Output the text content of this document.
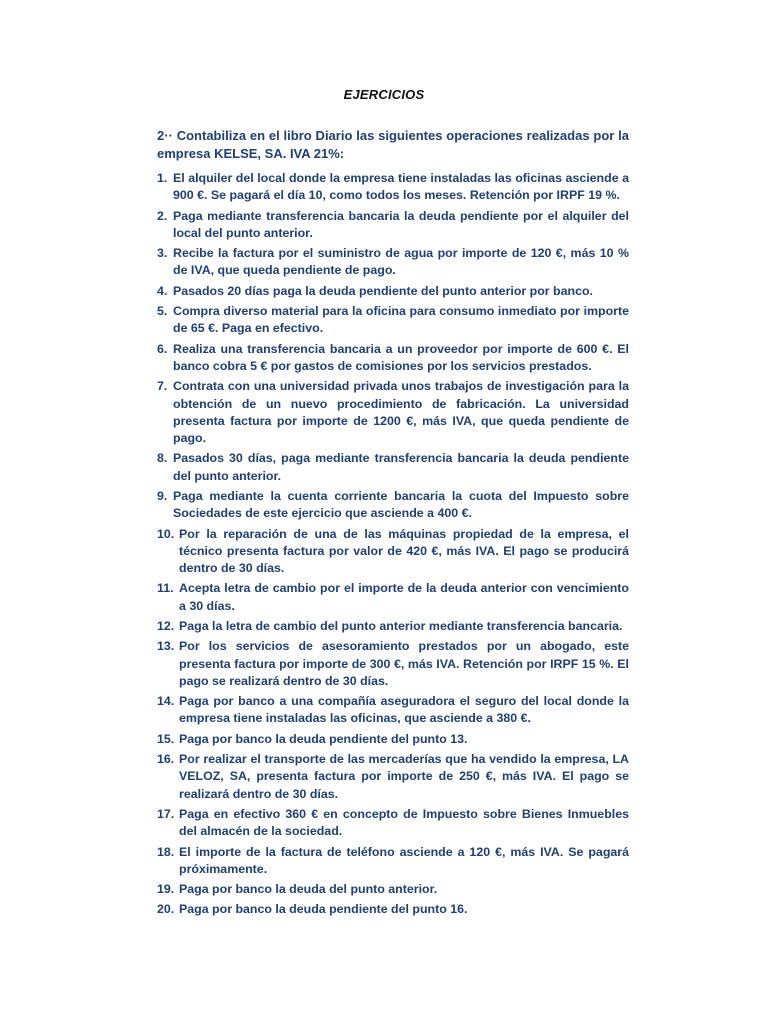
EJERCICIOS
2·· Contabiliza en el libro Diario las siguientes operaciones realizadas por la empresa KELSE, SA. IVA 21%:
1. El alquiler del local donde la empresa tiene instaladas las oficinas asciende a 900 €. Se pagará el día 10, como todos los meses. Retención por IRPF 19 %.
2. Paga mediante transferencia bancaria la deuda pendiente por el alquiler del local del punto anterior.
3. Recibe la factura por el suministro de agua por importe de 120 €, más 10 % de IVA, que queda pendiente de pago.
4. Pasados 20 días paga la deuda pendiente del punto anterior por banco.
5. Compra diverso material para la oficina para consumo inmediato por importe de 65 €. Paga en efectivo.
6. Realiza una transferencia bancaria a un proveedor por importe de 600 €. El banco cobra 5 € por gastos de comisiones por los servicios prestados.
7. Contrata con una universidad privada unos trabajos de investigación para la obtención de un nuevo procedimiento de fabricación. La universidad presenta factura por importe de 1200 €, más IVA, que queda pendiente de pago.
8. Pasados 30 días, paga mediante transferencia bancaria la deuda pendiente del punto anterior.
9. Paga mediante la cuenta corriente bancaria la cuota del Impuesto sobre Sociedades de este ejercicio que asciende a 400 €.
10. Por la reparación de una de las máquinas propiedad de la empresa, el técnico presenta factura por valor de 420 €, más IVA. El pago se producirá dentro de 30 días.
11. Acepta letra de cambio por el importe de la deuda anterior con vencimiento a 30 días.
12. Paga la letra de cambio del punto anterior mediante transferencia bancaria.
13. Por los servicios de asesoramiento prestados por un abogado, este presenta factura por importe de 300 €, más IVA. Retención por IRPF 15 %. El pago se realizará dentro de 30 días.
14. Paga por banco a una compañía aseguradora el seguro del local donde la empresa tiene instaladas las oficinas, que asciende a 380 €.
15. Paga por banco la deuda pendiente del punto 13.
16. Por realizar el transporte de las mercaderías que ha vendido la empresa, LA VELOZ, SA, presenta factura por importe de 250 €, más IVA. El pago se realizará dentro de 30 días.
17. Paga en efectivo 360 € en concepto de Impuesto sobre Bienes Inmuebles del almacén de la sociedad.
18. El importe de la factura de teléfono asciende a 120 €, más IVA. Se pagará próximamente.
19. Paga por banco la deuda del punto anterior.
20. Paga por banco la deuda pendiente del punto 16.
